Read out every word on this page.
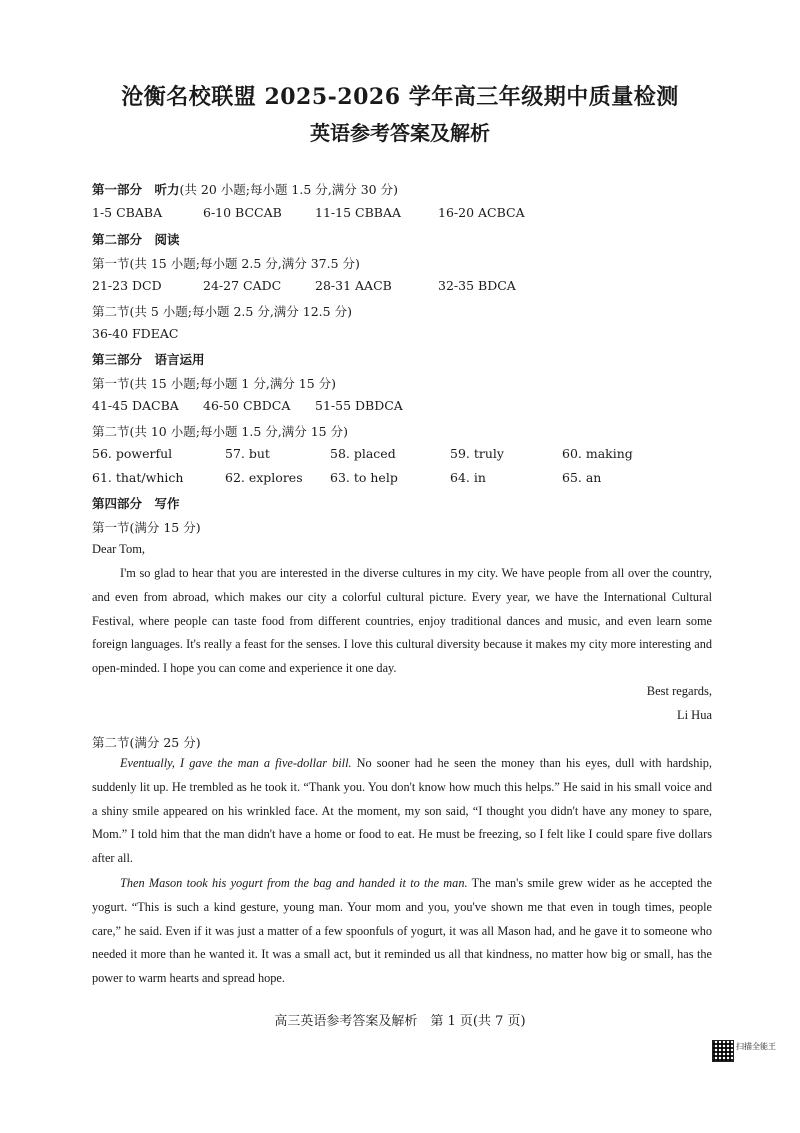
沧衡名校联盟 2025-2026 学年高三年级期中质量检测
英语参考答案及解析
第一部分　听力(共 20 小题;每小题 1.5 分,满分 30 分)
1-5 CBABA	6-10 BCCAB	11-15 CBBAA	16-20 ACBCA
第二部分　阅读
第一节(共 15 小题;每小题 2.5 分,满分 37.5 分)
21-23 DCD	24-27 CADC	28-31 AACB	32-35 BDCA
第二节(共 5 小题;每小题 2.5 分,满分 12.5 分)
36-40 FDEAC
第三部分　语言运用
第一节(共 15 小题;每小题 1 分,满分 15 分)
41-45 DACBA 46-50 CBDCA 51-55 DBDCA
第二节(共 10 小题;每小题 1.5 分,满分 15 分)
56. powerful	57. but	58. placed	59. truly	60. making
61. that/which	62. explores 63. to help	64. in	65. an
第四部分　写作
第一节(满分 15 分)
Dear Tom,
I'm so glad to hear that you are interested in the diverse cultures in my city. We have people from all over the country, and even from abroad, which makes our city a colorful cultural picture. Every year, we have the International Cultural Festival, where people can taste food from different countries, enjoy traditional dances and music, and even learn some foreign languages. It's really a feast for the senses. I love this cultural diversity because it makes my city more interesting and open-minded. I hope you can come and experience it one day.
Best regards,
Li Hua
第二节(满分 25 分)
Eventually, I gave the man a five-dollar bill. No sooner had he seen the money than his eyes, dull with hardship, suddenly lit up. He trembled as he took it. “Thank you. You don't know how much this helps.” He said in his small voice and a shiny smile appeared on his wrinkled face. At the moment, my son said, “I thought you didn't have any money to spare, Mom.” I told him that the man didn't have a home or food to eat. He must be freezing, so I felt like I could spare five dollars after all.
Then Mason took his yogurt from the bag and handed it to the man. The man's smile grew wider as he accepted the yogurt. “This is such a kind gesture, young man. Your mom and you, you've shown me that even in tough times, people care,” he said. Even if it was just a matter of a few spoonfuls of yogurt, it was all Mason had, and he gave it to someone who needed it more than he wanted it. It was a small act, but it reminded us all that kindness, no matter how big or small, has the power to warm hearts and spread hope.
高三英语参考答案及解析　第 1 页(共 7 页)
扫描全能王
